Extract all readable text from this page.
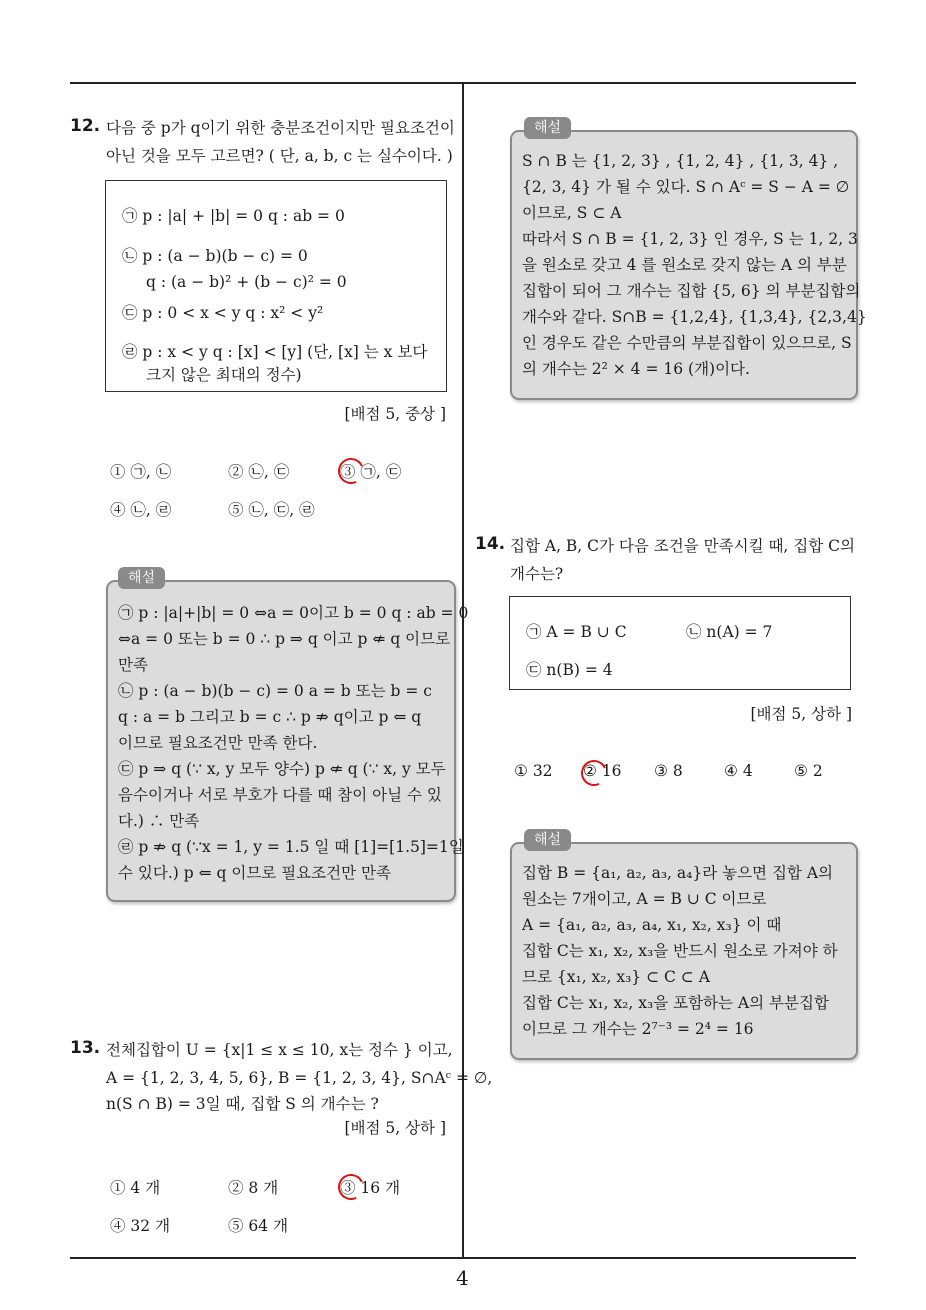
12. 다음 중 p가 q이기 위한 충분조건이지만 필요조건이
아닌 것을 모두 고르면? ( 단, a, b, c 는 실수이다. )
㉠ p : |a| + |b| = 0 q : ab = 0
㉡ p : (a − b)(b − c) = 0
q : (a − b)² + (b − c)² = 0
㉢ p : 0 < x < y q : x² < y²
㉣ p : x < y q : [x] < [y] (단, [x] 는 x 보다
크지 않은 최대의 정수)
[배점 5, 중상 ]
① ㉠, ㉡	② ㉡, ㉢	③ ㉠, ㉢
④ ㉡, ㉣	⑤ ㉡, ㉢, ㉣
㉠ p : |a|+|b| = 0 ⇔a = 0이고 b = 0 q : ab = 0
⇔a = 0 또는 b = 0 ∴ p ⇒ q 이고 p ⇍ q 이므로
만족
㉡ p : (a − b)(b − c) = 0 a = b 또는 b = c
q : a = b 그리고 b = c ∴ p ⇏ q이고 p ⇐ q
이므로 필요조건만 만족 한다.
㉢ p ⇒ q (∵ x, y 모두 양수) p ⇍ q (∵ x, y 모두
음수이거나 서로 부호가 다를 때 참이 아닐 수 있
다.) ∴ 만족
㉣ p ⇏ q (∵x = 1, y = 1.5 일 때 [1]=[1.5]=1일
수 있다.) p ⇐ q 이므로 필요조건만 만족
해설
13. 전체집합이 U = {x|1 ≤ x ≤ 10, x는 정수 } 이고,
A = {1, 2, 3, 4, 5, 6}, B = {1, 2, 3, 4}, S∩Aᶜ = ∅,
n(S ∩ B) = 3일 때, 집합 S 의 개수는 ?
[배점 5, 상하 ]
① 4 개	② 8 개	③ 16 개
④ 32 개	⑤ 64 개
S ∩ B 는 {1, 2, 3} , {1, 2, 4} , {1, 3, 4} ,
{2, 3, 4} 가 될 수 있다. S ∩ Aᶜ = S − A = ∅
이므로, S ⊂ A
따라서 S ∩ B = {1, 2, 3} 인 경우, S 는 1, 2, 3
을 원소로 갖고 4 를 원소로 갖지 않는 A 의 부분
집합이 되어 그 개수는 집합 {5, 6} 의 부분집합의
개수와 같다. S∩B = {1,2,4}, {1,3,4}, {2,3,4}
인 경우도 같은 수만큼의 부분집합이 있으므로, S
의 개수는 2² × 4 = 16 (개)이다.
해설
14. 집합 A, B, C가 다음 조건을 만족시킬 때, 집합 C의
개수는?
㉠ A = B ∪ C	㉡ n(A) = 7
㉢ n(B) = 4
[배점 5, 상하 ]
① 32 ② 16 ③ 8	④ 4	⑤ 2
집합 B = {a₁, a₂, a₃, a₄}라 놓으면 집합 A의
원소는 7개이고, A = B ∪ C 이므로
A = {a₁, a₂, a₃, a₄, x₁, x₂, x₃} 이 때
집합 C는 x₁, x₂, x₃을 반드시 원소로 가져야 하
므로 {x₁, x₂, x₃} ⊂ C ⊂ A
집합 C는 x₁, x₂, x₃을 포함하는 A의 부분집합
이므로 그 개수는 2⁷⁻³ = 2⁴ = 16
해설
4
